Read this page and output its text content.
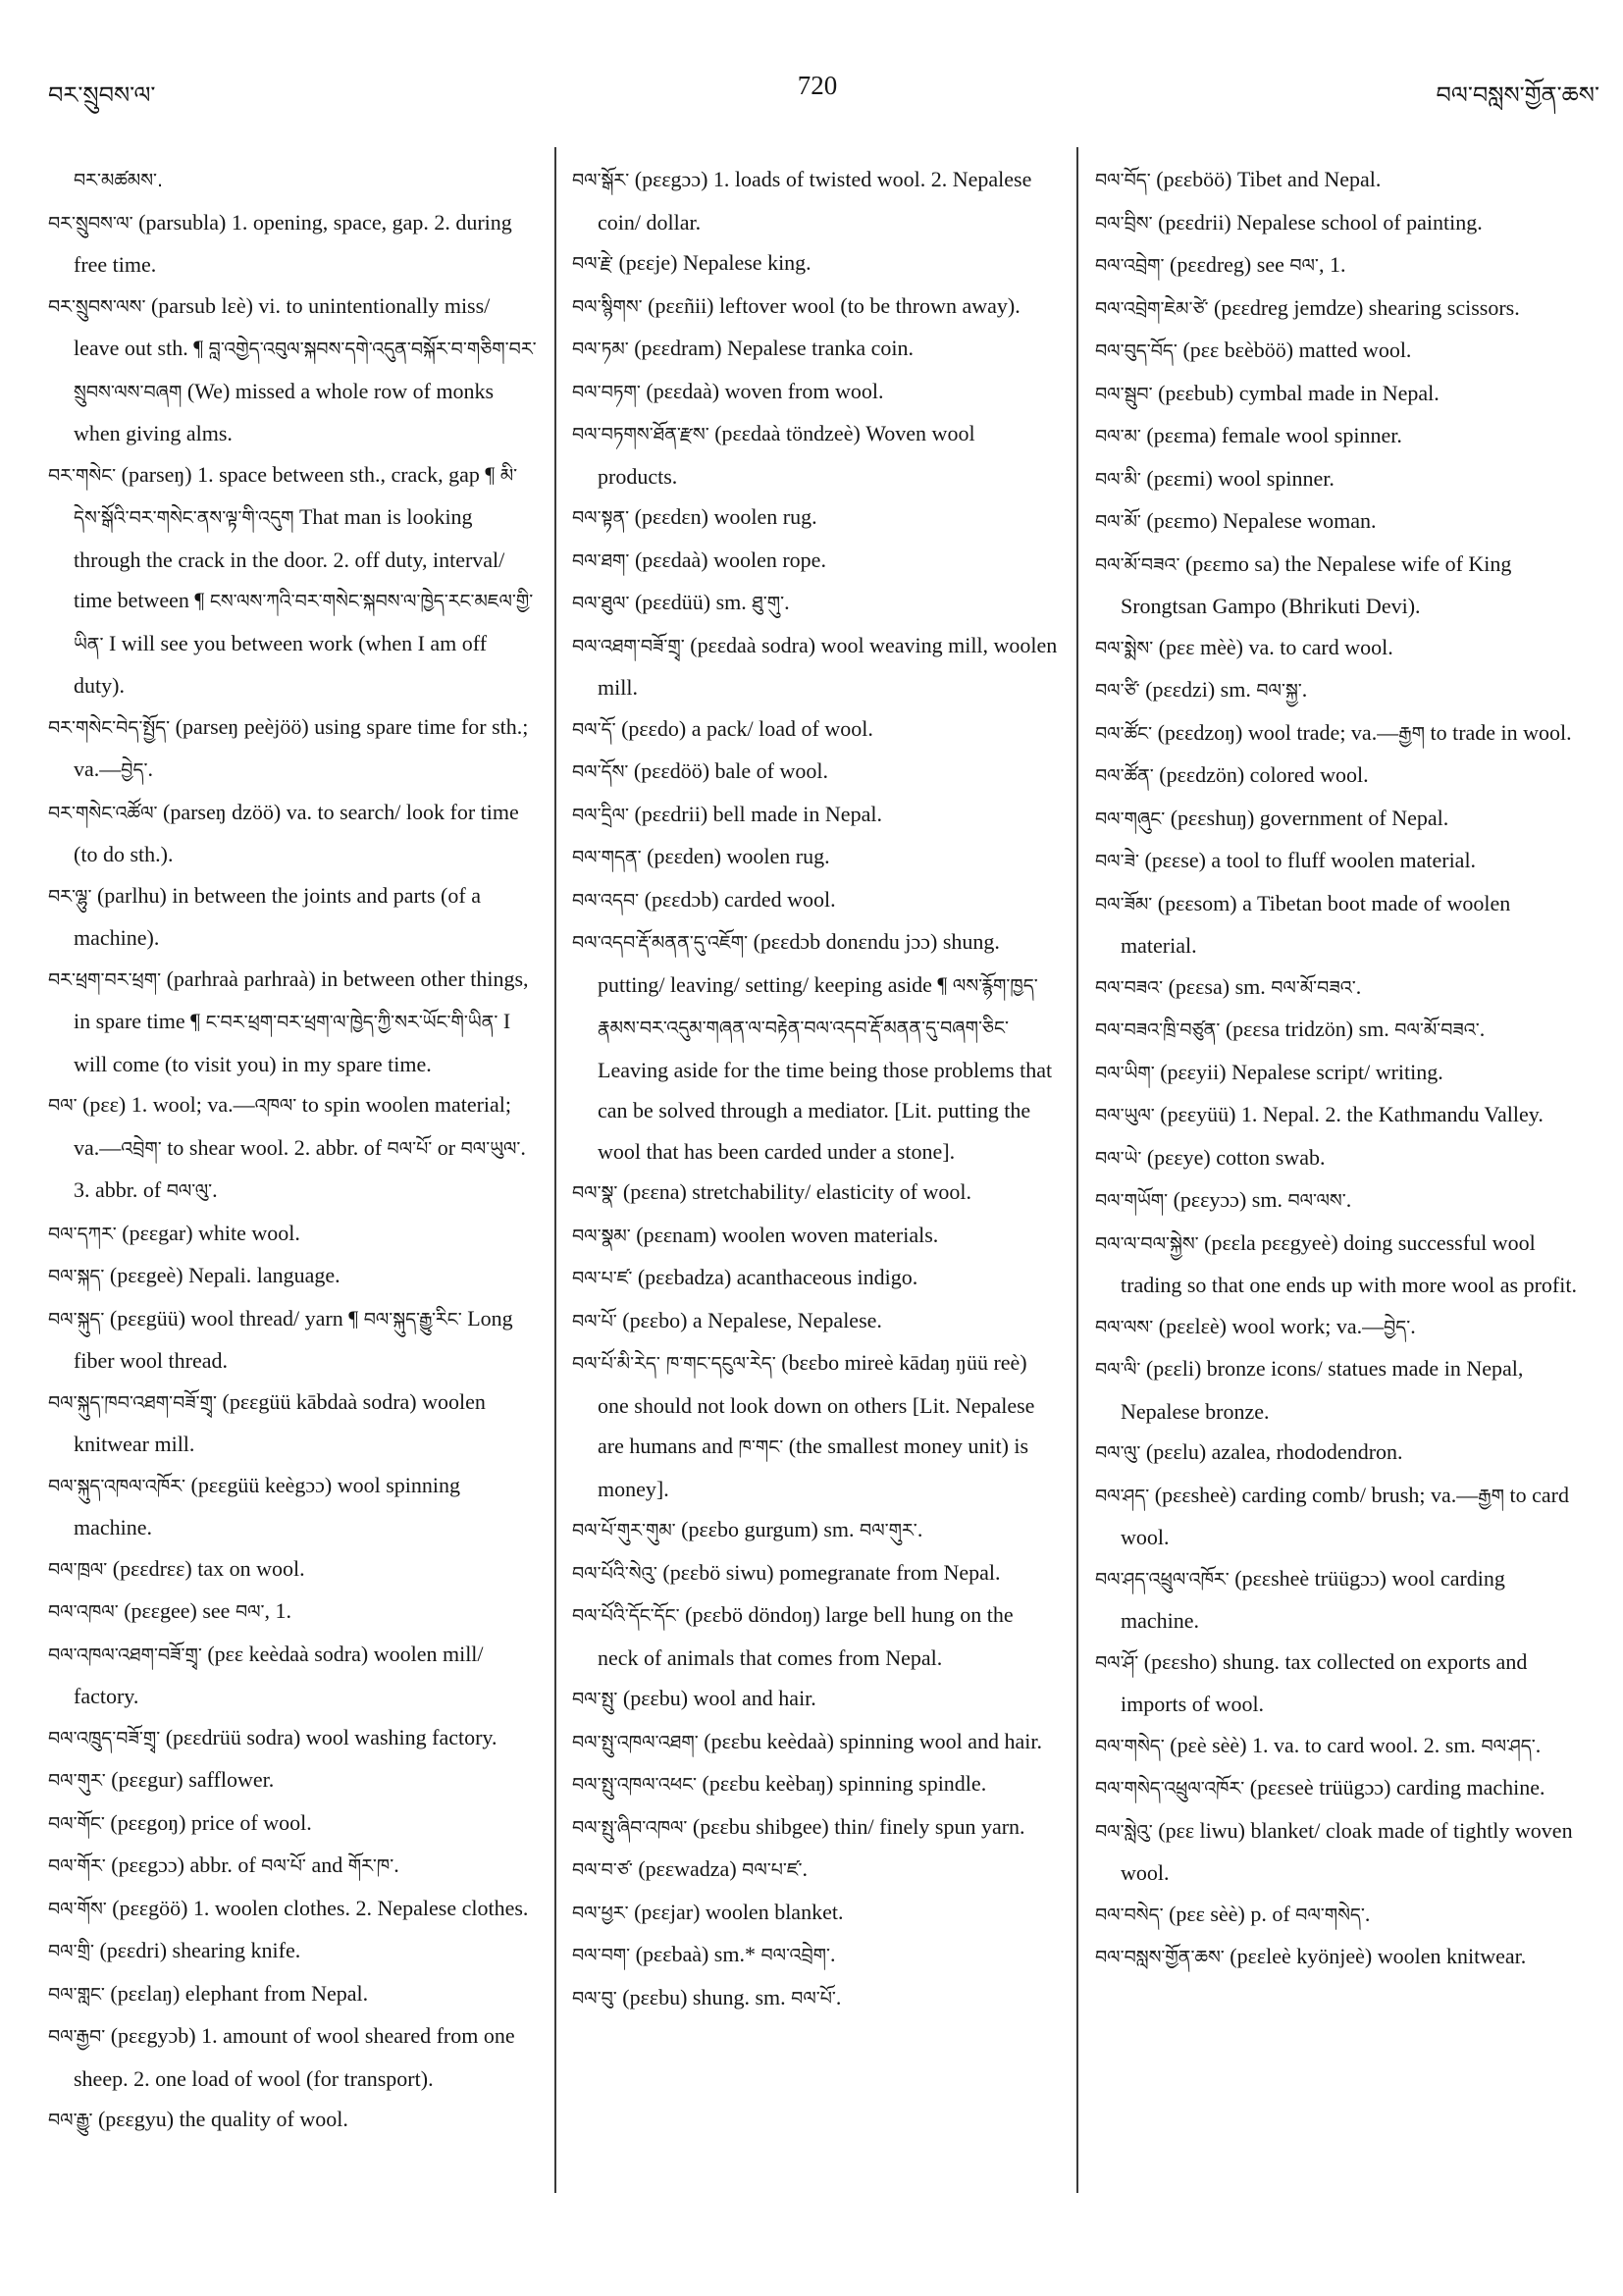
བར་སྲུབས་ལ་	720	བལ་བསླས་གྱོན་ཆས་
བར་མཚམས་.
བར་སྲུབས་ལ་ (parsubla) 1. opening, space, gap. 2. during free time.
བར་སྲུབས་ལས་ (parsub lɛè) vi. to unintentionally miss/ leave out sth. ¶ བླ་འགྱེད་འབུལ་སྐབས་དགེ་འདུན་བསྐོར་བ་གཅིག་བར་སྲུབས་ལས་བཞག (We) missed a whole row of monks when giving alms.
བར་གསེང་ (parseŋ) 1. space between sth., crack, gap ¶ མི་དེས་སྒོའི་བར་གསེང་ནས་ལྟ་གི་འདུག That man is looking through the crack in the door. 2. off duty, interval/ time between ¶ ངས་ལས་ཀའི་བར་གསེང་སྐབས་ལ་ཁྱེད་རང་མཇལ་གྱི་ཡིན་ I will see you between work (when I am off duty).
བར་གསེང་བེད་སྤྱོད་ (parseŋ peèjöö) using spare time for sth.; va.—བྱེད་.
བར་གསེང་འཚོལ་ (parseŋ dzöö) va. to search/ look for time (to do sth.).
བར་ལྷུ་ (parlhu) in between the joints and parts (of a machine).
བར་ཕྲག་བར་ཕྲག་ (parhraà parhraà) in between other things, in spare time ¶ ང་བར་ཕྲག་བར་ཕྲག་ལ་ཁྱེད་ཀྱི་སར་ཡོང་གི་ཡིན་ I will come (to visit you) in my spare time.
བལ་ (pɛɛ) 1. wool; va.—འཁལ་ to spin woolen material; va.—འབྲེག་ to shear wool. 2. abbr. of བལ་པོ་ or བལ་ཡུལ་. 3. abbr. of བལ་ལུ་.
བལ་དཀར་ (pɛɛgar) white wool.
བལ་སྐད་ (pɛɛgeè) Nepali. language.
བལ་སྐུད་ (pɛɛgüü) wool thread/ yarn ¶ བལ་སྐུད་རྒྱུ་རིང་ Long fiber wool thread.
བལ་སྐུད་ཁབ་འཐག་བཟོ་གྲྭ་ (pɛɛgüü kābdaà sodra) woolen knitwear mill.
བལ་སྐུད་འཁལ་འཁོར་ (pɛɛgüü keègɔɔ) wool spinning machine.
བལ་ཁྲལ་ (pɛɛdrɛɛ) tax on wool.
བལ་འཁལ་ (pɛɛgee) see བལ་, 1.
བལ་འཁལ་འཐག་བཟོ་གྲྭ་ (pɛɛ keèdaà sodra) woolen mill/ factory.
བལ་འཁྲུད་བཟོ་གྲྭ་ (pɛɛdrüü sodra) wool washing factory.
བལ་གུར་ (pɛɛgur) safflower.
བལ་གོང་ (pɛɛgoŋ) price of wool.
བལ་གོར་ (pɛɛgɔɔ) abbr. of བལ་པོ་ and གོར་ཁ་.
བལ་གོས་ (pɛɛgöö) 1. woolen clothes. 2. Nepalese clothes.
བལ་གྲི་ (pɛɛdri) shearing knife.
བལ་གླང་ (pɛɛlaŋ) elephant from Nepal.
བལ་རྒྱབ་ (pɛɛgyɔb) 1. amount of wool sheared from one sheep. 2. one load of wool (for transport).
བལ་རྒྱུ་ (pɛɛgyu) the quality of wool.
བལ་སྒོར་ (pɛɛgɔɔ) 1. loads of twisted wool. 2. Nepalese coin/ dollar.
བལ་རྗེ་ (pɛɛje) Nepalese king.
བལ་སྙིགས་ (pɛɛñii) leftover wool (to be thrown away).
བལ་ཏམ་ (pɛɛdram) Nepalese tranka coin.
བལ་བཏག་ (pɛɛdaà) woven from wool.
བལ་བཏགས་ཐོན་རྫས་ (pɛɛdaà töndzeè) Woven wool products.
བལ་སྟན་ (pɛɛdɛn) woolen rug.
བལ་ཐག་ (pɛɛdaà) woolen rope.
བལ་ཐུལ་ (pɛɛdüü) sm. ཐུ་གུ་.
བལ་འཐག་བཟོ་གྲྭ་ (pɛɛdaà sodra) wool weaving mill, woolen mill.
བལ་དོ་ (pɛɛdo) a pack/ load of wool.
བལ་དོས་ (pɛɛdöö) bale of wool.
བལ་དྲིལ་ (pɛɛdrii) bell made in Nepal.
བལ་གདན་ (pɛɛden) woolen rug.
བལ་འདབ་ (pɛɛdɔb) carded wool.
བལ་འདབ་རྡོ་མནན་དུ་འཇོག་ (pɛɛdɔb donɛndu jɔɔ) shung. putting/ leaving/ setting/ keeping aside ¶ ལས་རྙོག་ཁྱད་རྣམས་བར་འདུམ་གཞན་ལ་བརྟེན་བལ་འདབ་རྡོ་མནན་དུ་བཞག་ཅིང་ Leaving aside for the time being those problems that can be solved through a mediator. [Lit. putting the wool that has been carded under a stone].
བལ་སྣ་ (pɛɛna) stretchability/ elasticity of wool.
བལ་སྣམ་ (pɛɛnam) woolen woven materials.
བལ་པ་ཛ་ (pɛɛbadza) acanthaceous indigo.
བལ་པོ་ (pɛɛbo) a Nepalese, Nepalese.
བལ་པོ་མི་རེད་ ཁ་གང་དངུལ་རེད་ (bɛɛbo mireè kādaŋ ŋüü reè) one should not look down on others [Lit. Nepalese are humans and ཁ་གང་ (the smallest money unit) is money].
བལ་པོ་གུར་གུམ་ (pɛɛbo gurgum) sm. བལ་གུར་.
བལ་པོའི་སེའུ་ (pɛɛbö siwu) pomegranate from Nepal.
བལ་པོའི་དོང་དོང་ (pɛɛbö döndoŋ) large bell hung on the neck of animals that comes from Nepal.
བལ་སྤུ་ (pɛɛbu) wool and hair.
བལ་སྤུ་འཁལ་འཐག་ (pɛɛbu keèdaà) spinning wool and hair.
བལ་སྤུ་འཁལ་འཕང་ (pɛɛbu keèbaŋ) spinning spindle.
བལ་སྤུ་ཞིབ་འཁལ་ (pɛɛbu shibgee) thin/ finely spun yarn.
བལ་བ་ཙ་ (pɛɛwadza) བལ་པ་ཛ་.
བལ་ཕྱར་ (pɛɛjar) woolen blanket.
བལ་བག་ (pɛɛbaà) sm.* བལ་འབྲེག་.
བལ་བུ་ (pɛɛbu) shung. sm. བལ་པོ་.
བལ་བོད་ (pɛɛböö) Tibet and Nepal.
བལ་བྲིས་ (pɛɛdrii) Nepalese school of painting.
བལ་འབྲེག་ (pɛɛdreg) see བལ་, 1.
བལ་འབྲེག་ཇེམ་ཙེ་ (pɛɛdreg jemdze) shearing scissors.
བལ་བུད་བོད་ (pɛɛ bɛèböö) matted wool.
བལ་སྦུབ་ (pɛɛbub) cymbal made in Nepal.
བལ་མ་ (pɛɛma) female wool spinner.
བལ་མི་ (pɛɛmi) wool spinner.
བལ་མོ་ (pɛɛmo) Nepalese woman.
བལ་མོ་བཟའ་ (pɛɛmo sa) the Nepalese wife of King Srongtsan Gampo (Bhrikuti Devi).
བལ་སྨེས་ (pɛɛ mèè) va. to card wool.
བལ་ཙི་ (pɛɛdzi) sm. བལ་སྐྱ་.
བལ་ཚོང་ (pɛɛdzoŋ) wool trade; va.—རྒྱག to trade in wool.
བལ་ཚོན་ (pɛɛdzön) colored wool.
བལ་གཞུང་ (pɛɛshuŋ) government of Nepal.
བལ་ཟེ་ (pɛɛse) a tool to fluff woolen material.
བལ་ཟོམ་ (pɛɛsom) a Tibetan boot made of woolen material.
བལ་བཟའ་ (pɛɛsa) sm. བལ་མོ་བཟའ་.
བལ་བཟའ་ཁྲི་བཙུན་ (pɛɛsa tridzön) sm. བལ་མོ་བཟའ་.
བལ་ཡིག་ (pɛɛyii) Nepalese script/ writing.
བལ་ཡུལ་ (pɛɛyüü) 1. Nepal. 2. the Kathmandu Valley.
བལ་ཡེ་ (pɛɛye) cotton swab.
བལ་གཡོག་ (pɛɛyɔɔ) sm. བལ་ལས་.
བལ་ལ་བལ་སྐྱེས་ (pɛɛla pɛɛgyeè) doing successful wool trading so that one ends up with more wool as profit.
བལ་ལས་ (pɛɛlɛè) wool work; va.—བྱེད་.
བལ་ལི་ (pɛɛli) bronze icons/ statues made in Nepal, Nepalese bronze.
བལ་ལུ་ (pɛɛlu) azalea, rhododendron.
བལ་ཤད་ (pɛɛsheè) carding comb/ brush; va.—རྒྱག to card wool.
བལ་ཤད་འཕྲུལ་འཁོར་ (pɛɛsheè trüügɔɔ) wool carding machine.
བལ་ཤོ་ (pɛɛsho) shung. tax collected on exports and imports of wool.
བལ་གསེད་ (pɛè sèè) 1. va. to card wool. 2. sm. བལ་ཤད་.
བལ་གསེད་འཕྲུལ་འཁོར་ (pɛɛseè trüügɔɔ) carding machine.
བལ་སླེའུ་ (pɛɛ liwu) blanket/ cloak made of tightly woven wool.
བལ་བསེད་ (pɛɛ sèè) p. of བལ་གསེད་.
བལ་བསླས་གྱོན་ཆས་ (pɛɛleè kyönjeè) woolen knitwear.
